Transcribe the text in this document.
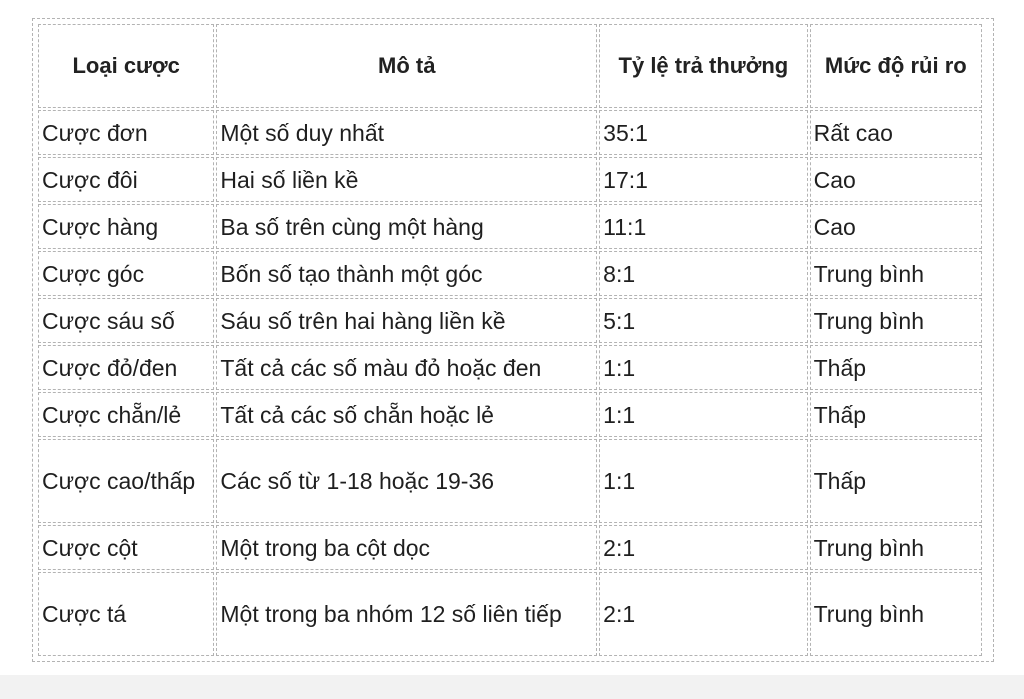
Loại cược	Mô tả	Tỷ lệ trả thưởng	Mức độ rủi ro
Cược đơn	Một số duy nhất	35:1	Rất cao
Cược đôi	Hai số liền kề	17:1	Cao
Cược hàng	Ba số trên cùng một hàng	11:1	Cao
Cược góc	Bốn số tạo thành một góc	8:1	Trung bình
Cược sáu số	Sáu số trên hai hàng liền kề	5:1	Trung bình
Cược đỏ/đen	Tất cả các số màu đỏ hoặc đen	1:1	Thấp
Cược chẵn/lẻ	Tất cả các số chẵn hoặc lẻ	1:1	Thấp
Cược cao/thấp	Các số từ 1-18 hoặc 19-36	1:1	Thấp
Cược cột	Một trong ba cột dọc	2:1	Trung bình
Cược tá	Một trong ba nhóm 12 số liên tiếp	2:1	Trung bình
